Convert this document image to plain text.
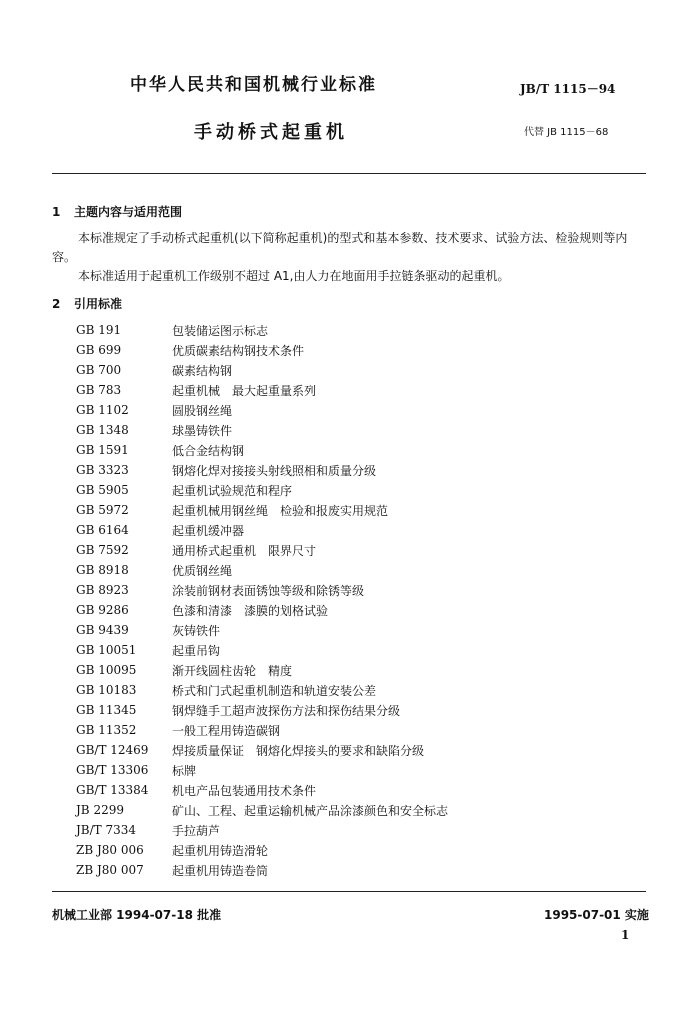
中华人民共和国机械行业标准	JB/T 1115－94
手动桥式起重机	代替 JB 1115－68
1 主题内容与适用范围
本标准规定了手动桥式起重机(以下简称起重机)的型式和基本参数、技术要求、试验方法、检验规则等内容。
本标准适用于起重机工作级别不超过 A1,由人力在地面用手拉链条驱动的起重机。
2 引用标准
GB 191	包装储运图示标志
GB 699	优质碳素结构钢技术条件
GB 700	碳素结构钢
GB 783	起重机械　最大起重量系列
GB 1102	圆股钢丝绳
GB 1348	球墨铸铁件
GB 1591	低合金结构钢
GB 3323	钢熔化焊对接接头射线照相和质量分级
GB 5905	起重机试验规范和程序
GB 5972	起重机械用钢丝绳　检验和报废实用规范
GB 6164	起重机缓冲器
GB 7592	通用桥式起重机　限界尺寸
GB 8918	优质钢丝绳
GB 8923	涂装前钢材表面锈蚀等级和除锈等级
GB 9286	色漆和清漆　漆膜的划格试验
GB 9439	灰铸铁件
GB 10051	起重吊钩
GB 10095	渐开线圆柱齿轮　精度
GB 10183	桥式和门式起重机制造和轨道安装公差
GB 11345	钢焊缝手工超声波探伤方法和探伤结果分级
GB 11352	一般工程用铸造碳钢
GB/T 12469	焊接质量保证　钢熔化焊接头的要求和缺陷分级
GB/T 13306	标牌
GB/T 13384	机电产品包装通用技术条件
JB 2299	矿山、工程、起重运输机械产品涂漆颜色和安全标志
JB/T 7334	手拉葫芦
ZB J80 006	起重机用铸造滑轮
ZB J80 007	起重机用铸造卷筒
机械工业部 1994-07-18 批准	1995-07-01 实施
1
